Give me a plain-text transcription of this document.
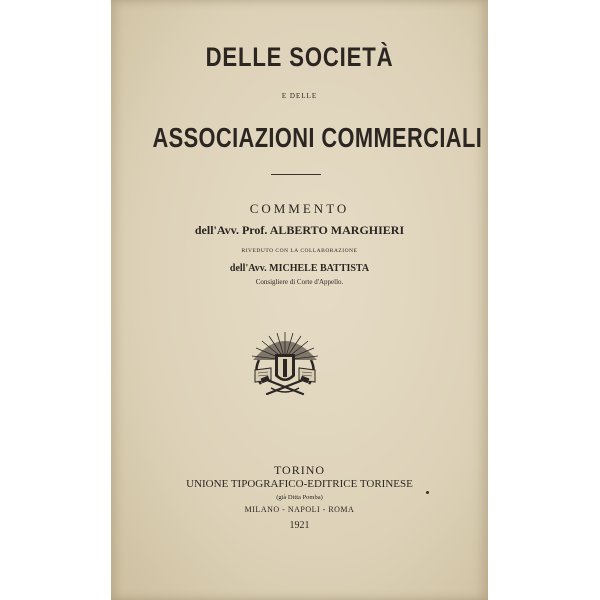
DELLE SOCIETÀ
E DELLE
ASSOCIAZIONI COMMERCIALI
COMMENTO
dell'Avv. Prof. ALBERTO MARGHIERI
RIVEDUTO CON LA COLLABORAZIONE
dell'Avv. MICHELE BATTISTA
Consigliere di Corte d'Appello.
TORINO
UNIONE TIPOGRAFICO-EDITRICE TORINESE
(già Ditta Pomba)
MILANO - NAPOLI - ROMA
1921
